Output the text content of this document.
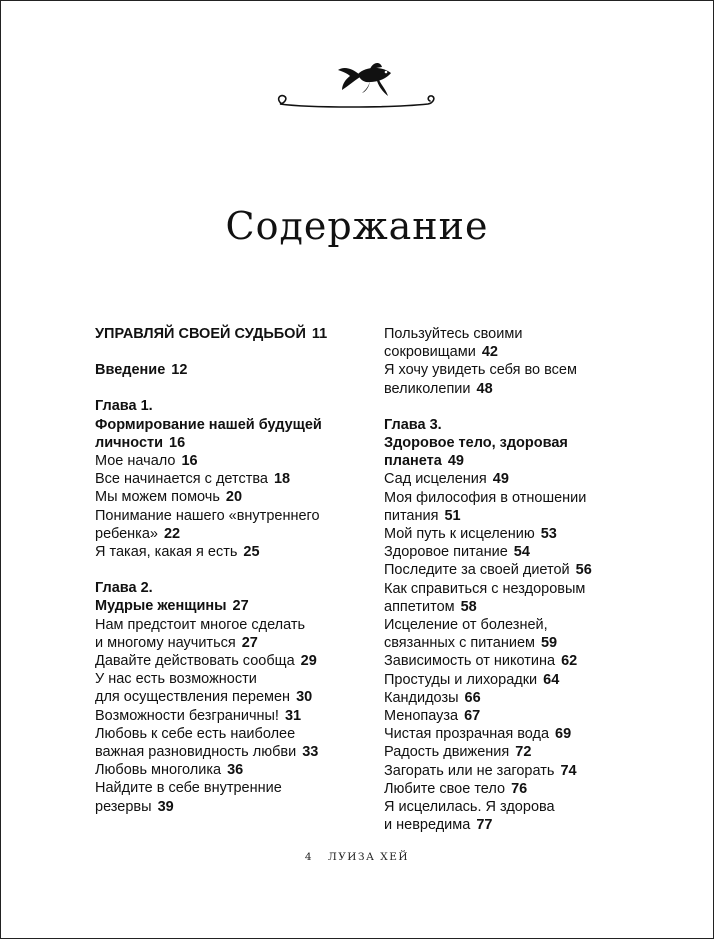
Содержание
УПРАВЛЯЙ СВОЕЙ СУДЬБОЙ 11
Введение 12
Глава 1.
Формирование нашей будущей
личности 16
Мое начало 16
Все начинается с детства 18
Мы можем помочь 20
Понимание нашего «внутреннего
ребенка» 22
Я такая, какая я есть 25
Глава 2.
Мудрые женщины 27
Нам предстоит многое сделать
и многому научиться 27
Давайте действовать сообща 29
У нас есть возможности
для осуществления перемен 30
Возможности безграничны! 31
Любовь к себе есть наиболее
важная разновидность любви 33
Любовь многолика 36
Найдите в себе внутренние
резервы 39
Пользуйтесь своими
сокровищами 42
Я хочу увидеть себя во всем
великолепии 48
Глава 3.
Здоровое тело, здоровая
планета 49
Сад исцеления 49
Моя философия в отношении
питания 51
Мой путь к исцелению 53
Здоровое питание 54
Последите за своей диетой 56
Как справиться с нездоровым
аппетитом 58
Исцеление от болезней,
связанных с питанием 59
Зависимость от никотина 62
Простуды и лихорадки 64
Кандидозы 66
Менопауза 67
Чистая прозрачная вода 69
Радость движения 72
Загорать или не загорать 74
Любите свое тело 76
Я исцелилась. Я здорова
и невредима 77
4 ЛУИЗА ХЕЙ
